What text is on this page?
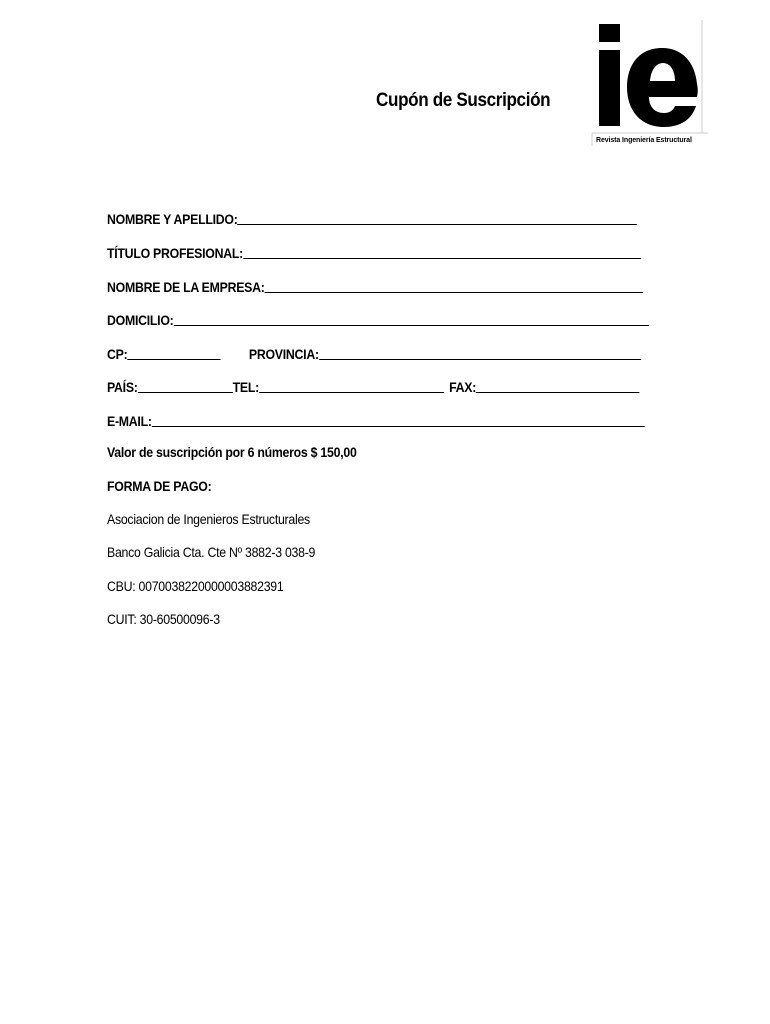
Cupón de Suscripción
Revista Ingeniería Estructural
NOMBRE Y APELLIDO:
TÍTULO PROFESIONAL:
NOMBRE DE LA EMPRESA:
DOMICILIO:
CP:	PROVINCIA:
PAÍS:	TEL:	FAX:
E-MAIL:
Valor de suscripción por 6 números $ 150,00
FORMA DE PAGO:
Asociacion de Ingenieros Estructurales
Banco Galicia Cta. Cte Nº 3882-3 038-9
CBU: 0070038220000003882391
CUIT: 30-60500096-3
